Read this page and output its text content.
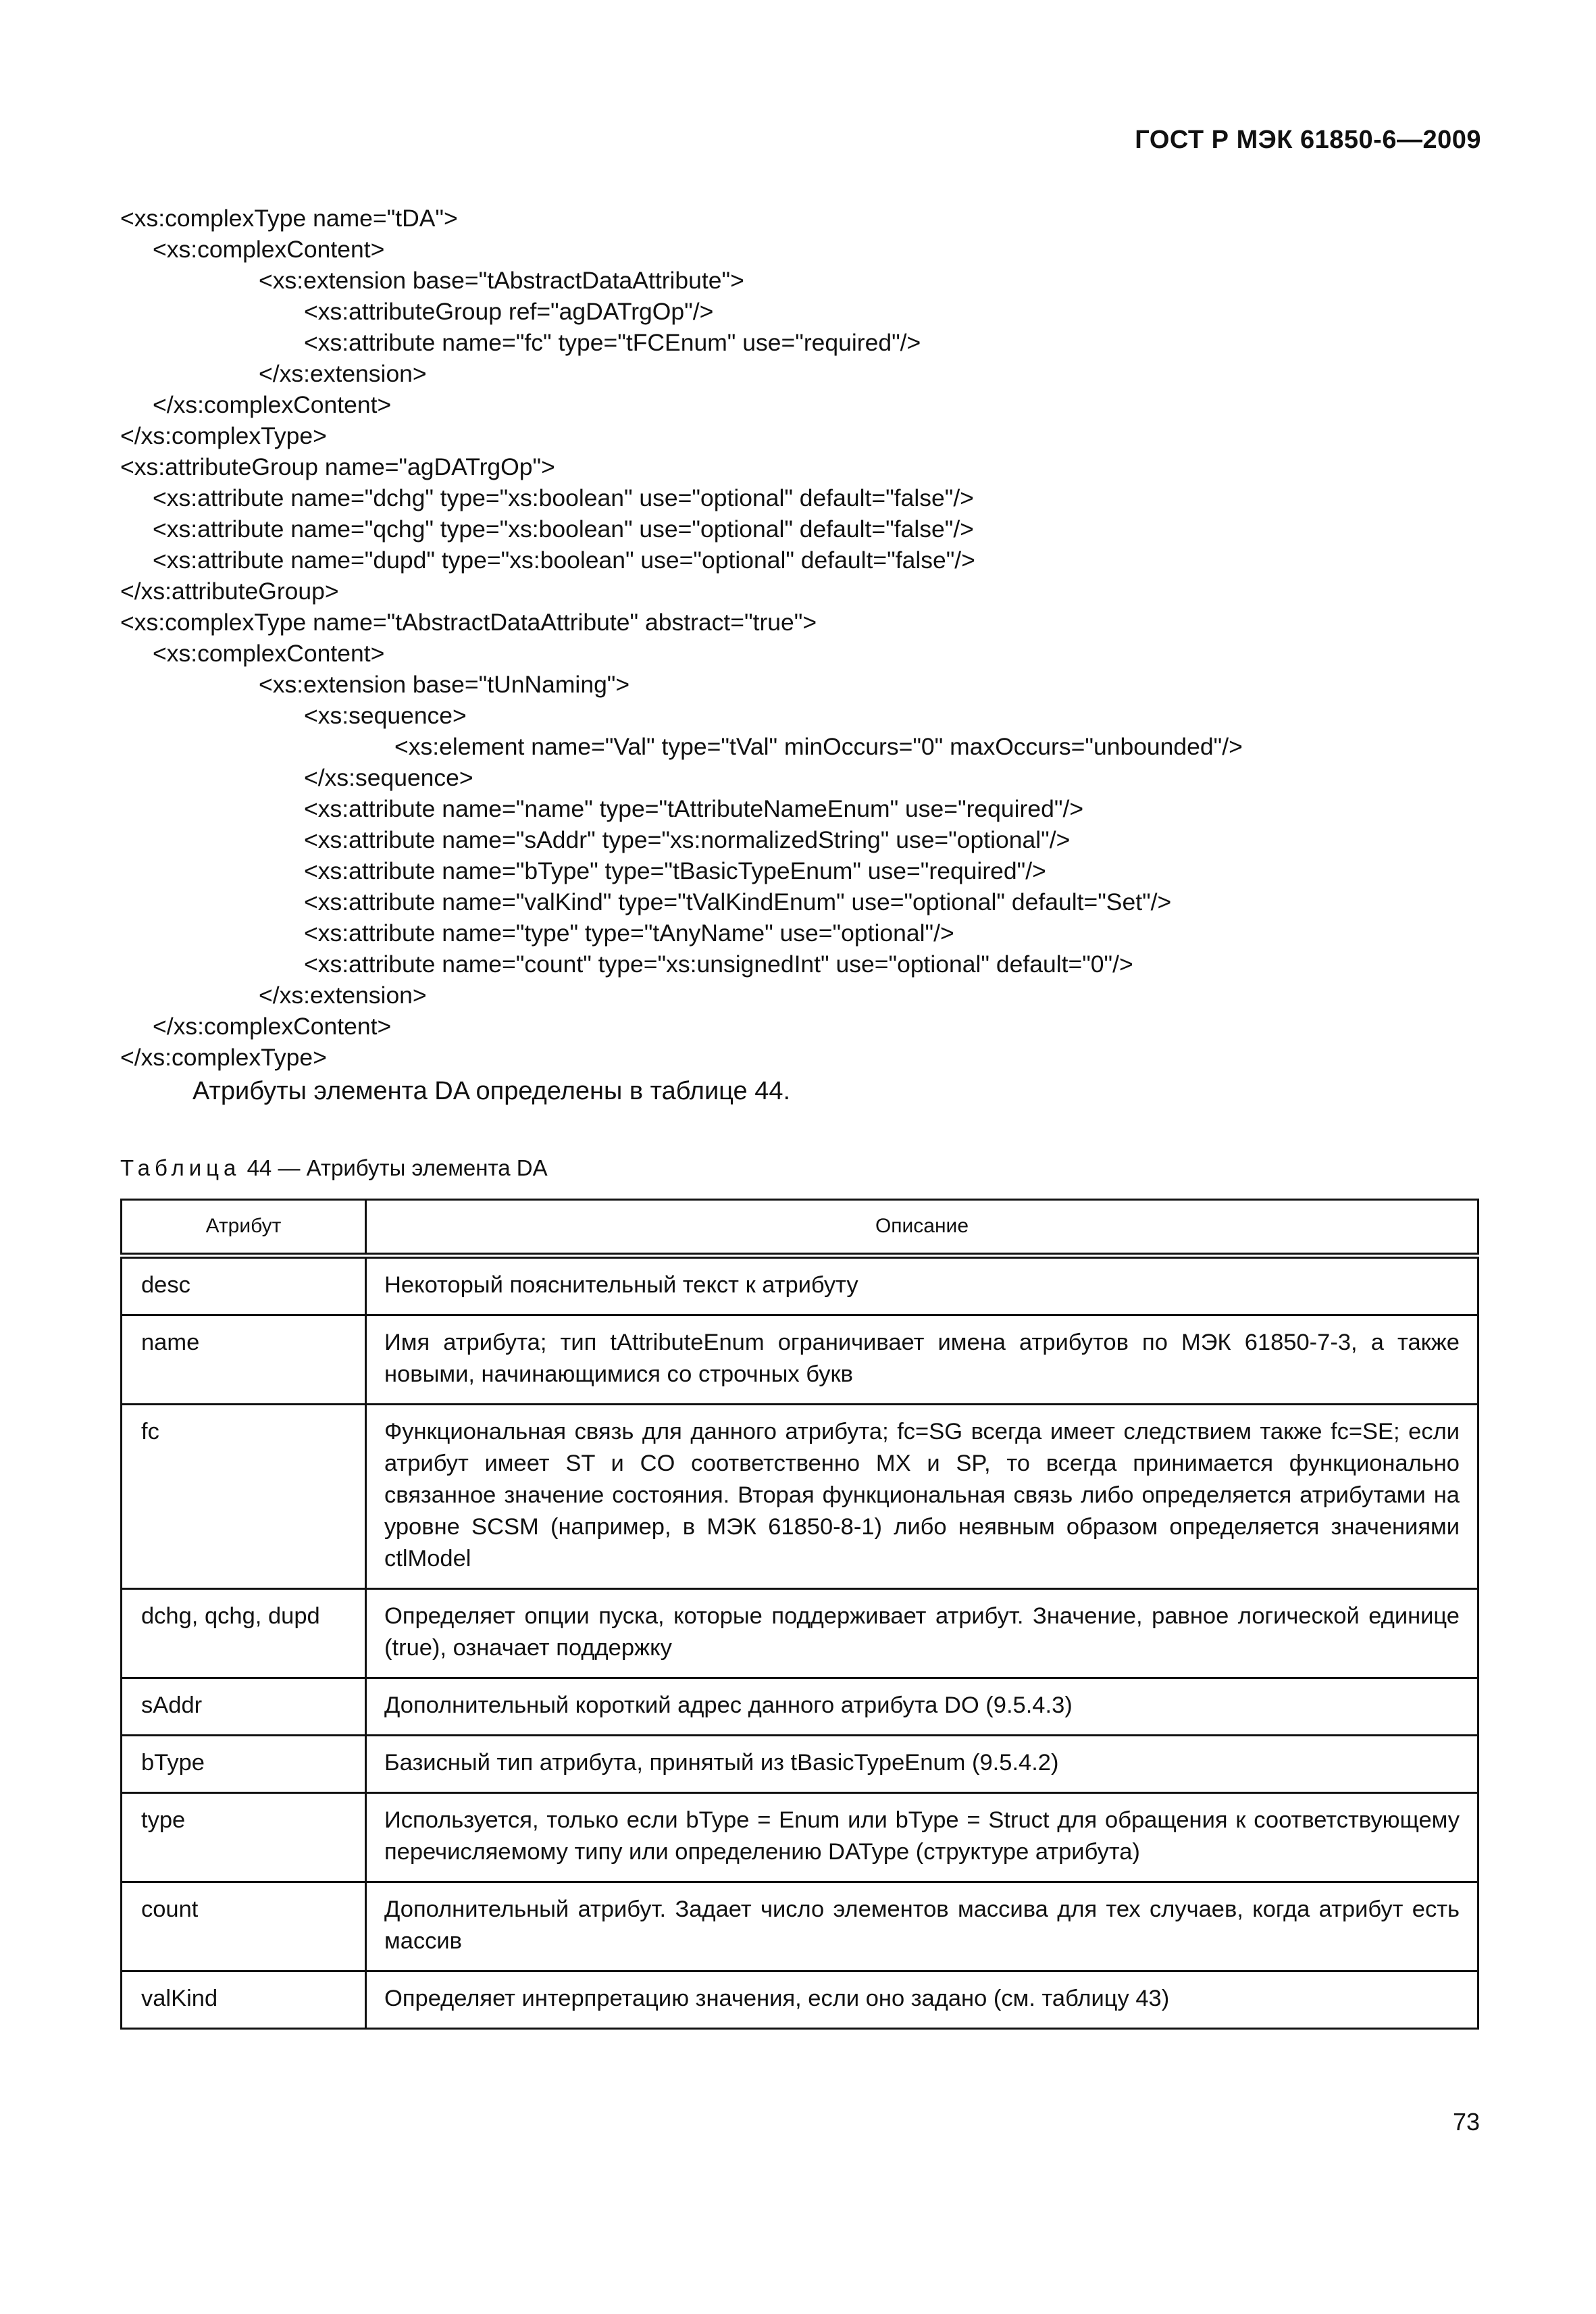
ГОСТ Р МЭК 61850-6—2009
<xs:complexType name="tDA">
<xs:complexContent>
<xs:extension base="tAbstractDataAttribute">
<xs:attributeGroup ref="agDATrgOp"/>
<xs:attribute name="fc" type="tFCEnum" use="required"/>
</xs:extension>
</xs:complexContent>
</xs:complexType>
<xs:attributeGroup name="agDATrgOp">
<xs:attribute name="dchg" type="xs:boolean" use="optional" default="false"/>
<xs:attribute name="qchg" type="xs:boolean" use="optional" default="false"/>
<xs:attribute name="dupd" type="xs:boolean" use="optional" default="false"/>
</xs:attributeGroup>
<xs:complexType name="tAbstractDataAttribute" abstract="true">
<xs:complexContent>
<xs:extension base="tUnNaming">
<xs:sequence>
<xs:element name="Val" type="tVal" minOccurs="0" maxOccurs="unbounded"/>
</xs:sequence>
<xs:attribute name="name" type="tAttributeNameEnum" use="required"/>
<xs:attribute name="sAddr" type="xs:normalizedString" use="optional"/>
<xs:attribute name="bType" type="tBasicTypeEnum" use="required"/>
<xs:attribute name="valKind" type="tValKindEnum" use="optional" default="Set"/>
<xs:attribute name="type" type="tAnyName" use="optional"/>
<xs:attribute name="count" type="xs:unsignedInt" use="optional" default="0"/>
</xs:extension>
</xs:complexContent>
</xs:complexType>
Атрибуты элемента DA определены в таблице 44.
Таблица 44 — Атрибуты элемента DA
Атрибут	Описание
desc	Некоторый пояснительный текст к атрибуту
name	Имя атрибута; тип tAttributeEnum ограничивает имена атрибутов по МЭК 61850-7-3, а также новыми, начинающимися со строчных букв
fc	Функциональная связь для данного атрибута; fc=SG всегда имеет следствием также fc=SE; если атрибут имеет ST и CO соответственно MX и SP, то всегда принимается функционально связанное значение состояния. Вторая функциональная связь либо определяется атрибутами на уровне SCSM (например, в МЭК 61850-8-1) либо неявным образом определяется значениями ctlModel
dchg, qchg, dupd	Определяет опции пуска, которые поддерживает атрибут. Значение, равное логической единице (true), означает поддержку
sAddr	Дополнительный короткий адрес данного атрибута DO (9.5.4.3)
bType	Базисный тип атрибута, принятый из tBasicTypeEnum (9.5.4.2)
type	Используется, только если bType = Enum или bType = Struct для обращения к соответствующему перечисляемому типу или определению DAType (структуре атрибута)
count	Дополнительный атрибут. Задает число элементов массива для тех случаев, когда атрибут есть массив
valKind	Определяет интерпретацию значения, если оно задано (см. таблицу 43)
73
